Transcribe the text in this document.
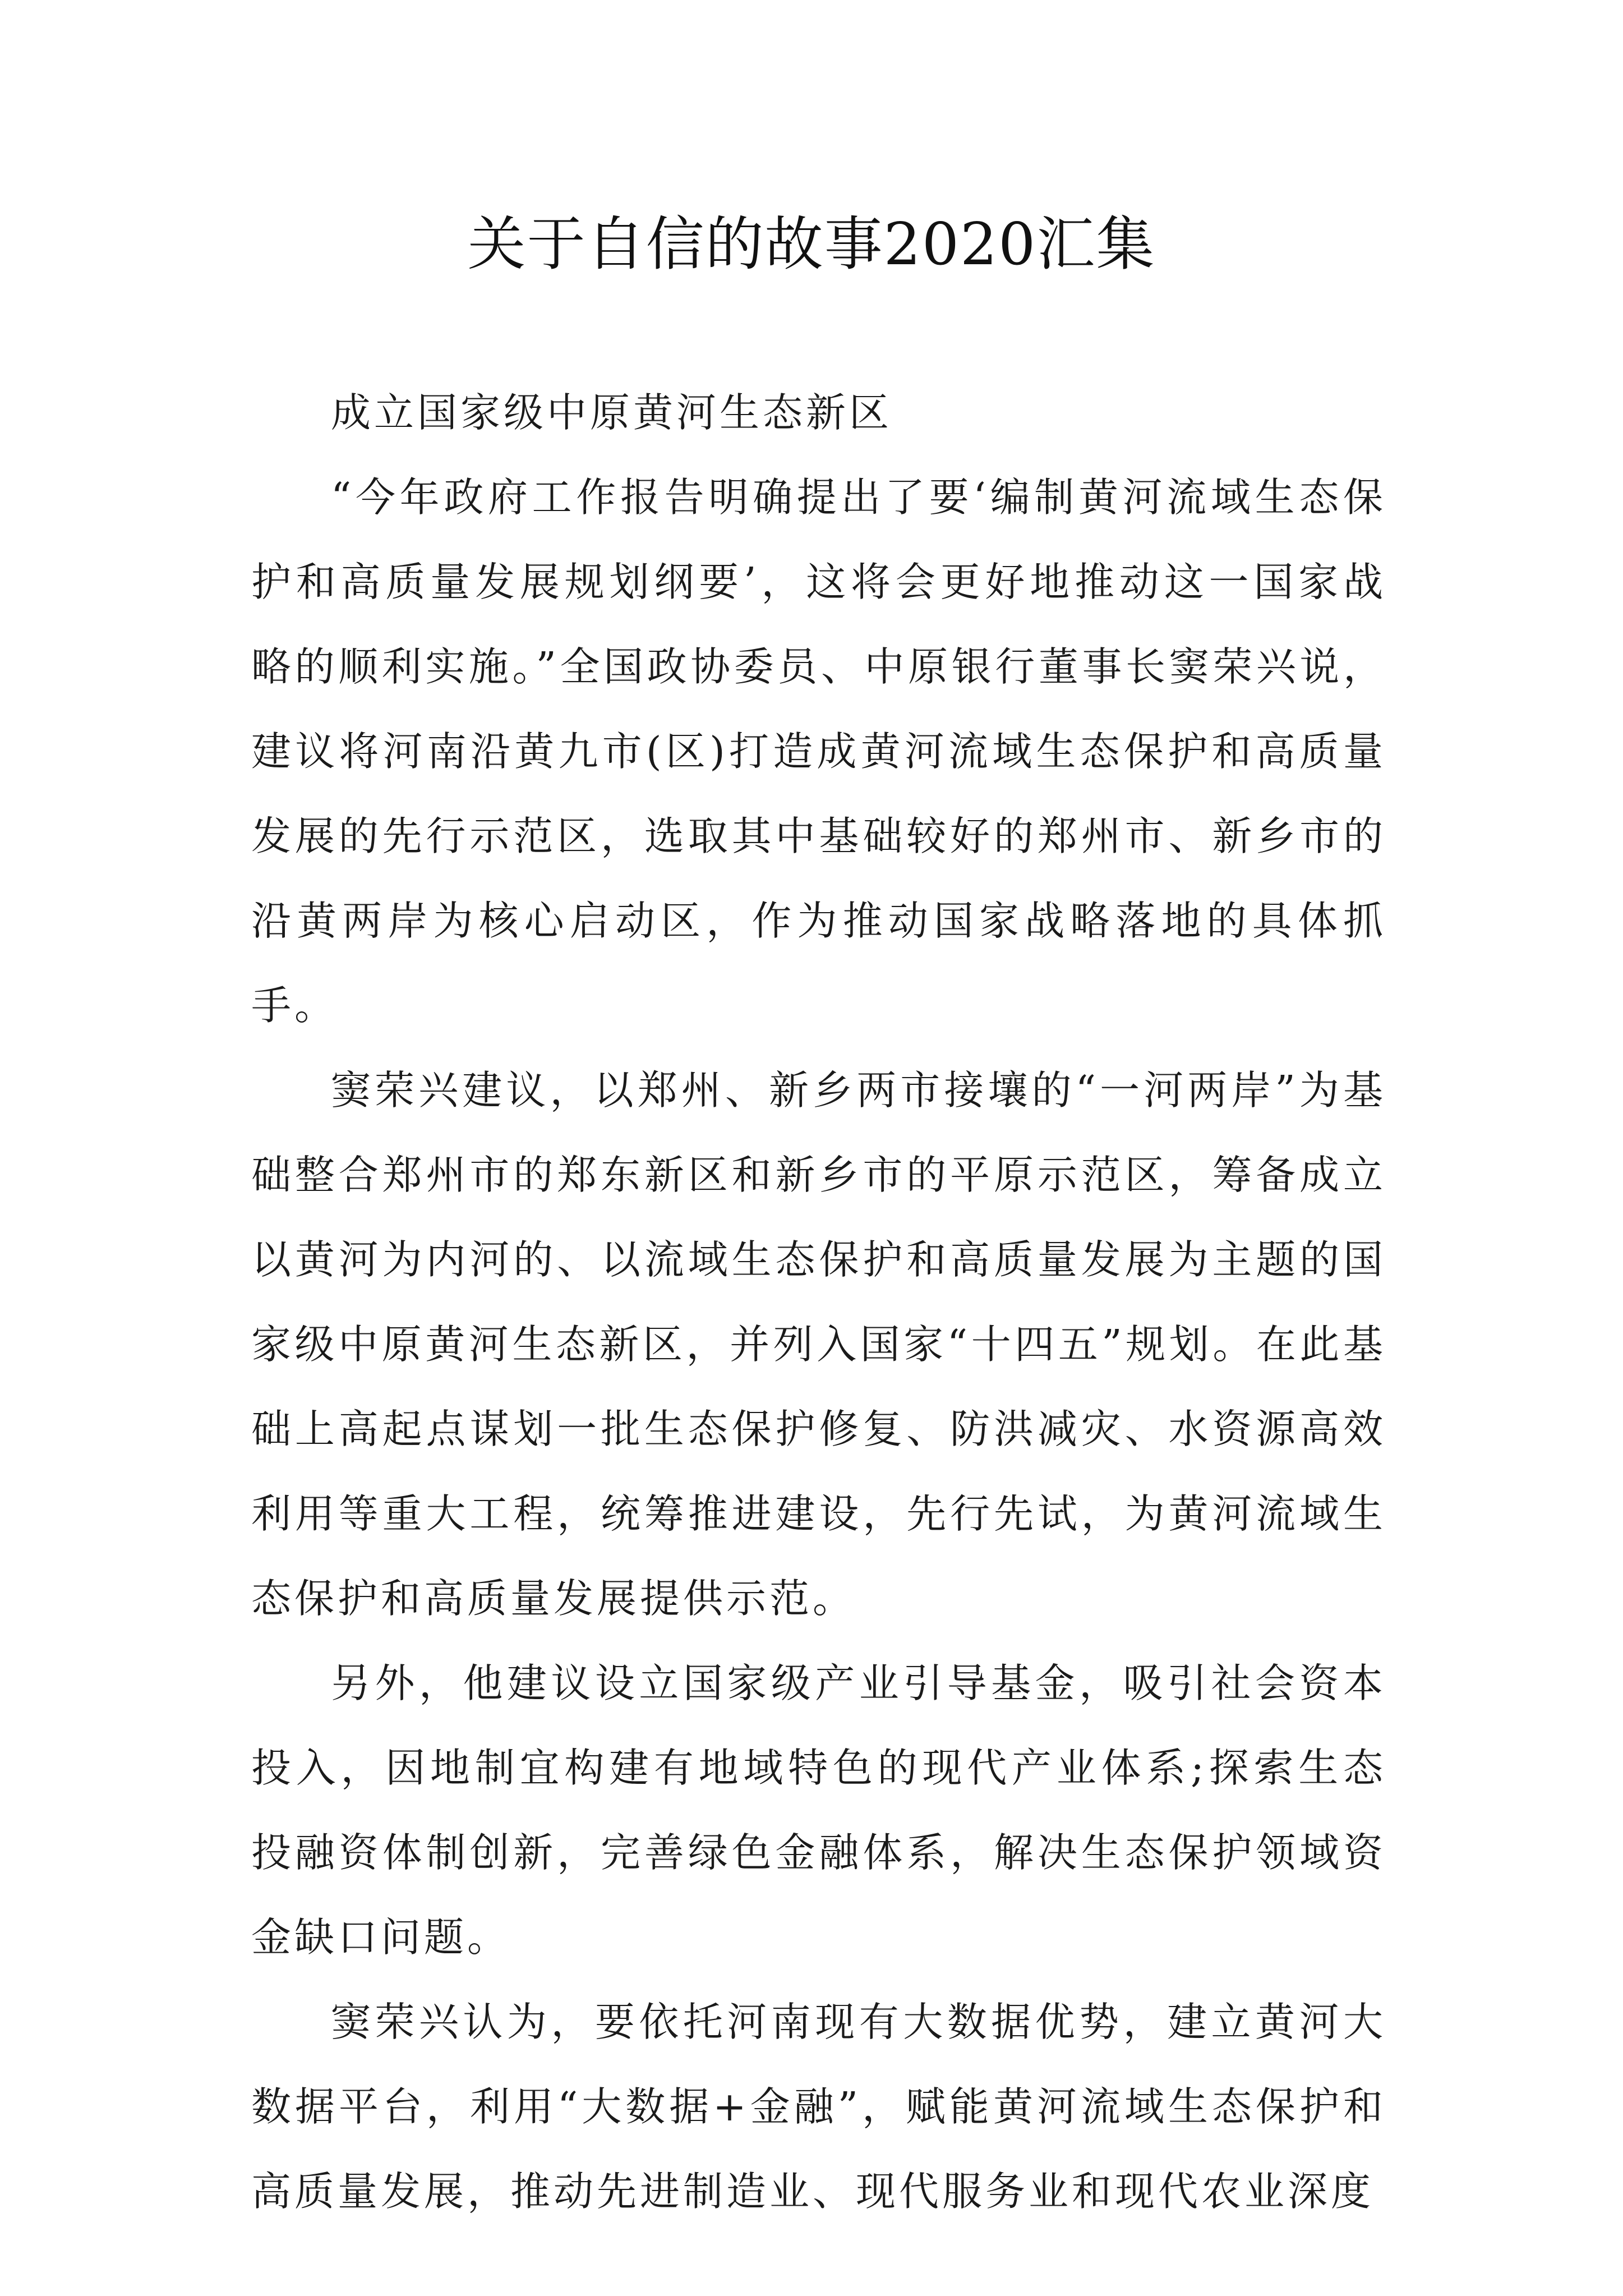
关于自信的故事2020汇集

成立国家级中原黄河生态新区

“今年政府工作报告明确提出了要‘编制黄河流域生态保护和高质量发展规划纲要’，这将会更好地推动这一国家战略的顺利实施。”全国政协委员、中原银行董事长窦荣兴说，建议将河南沿黄九市(区)打造成黄河流域生态保护和高质量发展的先行示范区，选取其中基础较好的郑州市、新乡市的沿黄两岸为核心启动区，作为推动国家战略落地的具体抓手。

窦荣兴建议，以郑州、新乡两市接壤的“一河两岸”为基础整合郑州市的郑东新区和新乡市的平原示范区，筹备成立以黄河为内河的、以流域生态保护和高质量发展为主题的国家级中原黄河生态新区，并列入国家“十四五”规划。在此基础上高起点谋划一批生态保护修复、防洪减灾、水资源高效利用等重大工程，统筹推进建设，先行先试，为黄河流域生态保护和高质量发展提供示范。

另外，他建议设立国家级产业引导基金，吸引社会资本投入，因地制宜构建有地域特色的现代产业体系;探索生态投融资体制创新，完善绿色金融体系，解决生态保护领域资金缺口问题。

窦荣兴认为，要依托河南现有大数据优势，建立黄河大数据平台，利用“大数据+金融”，赋能黄河流域生态保护和高质量发展，推动先进制造业、现代服务业和现代农业深度
